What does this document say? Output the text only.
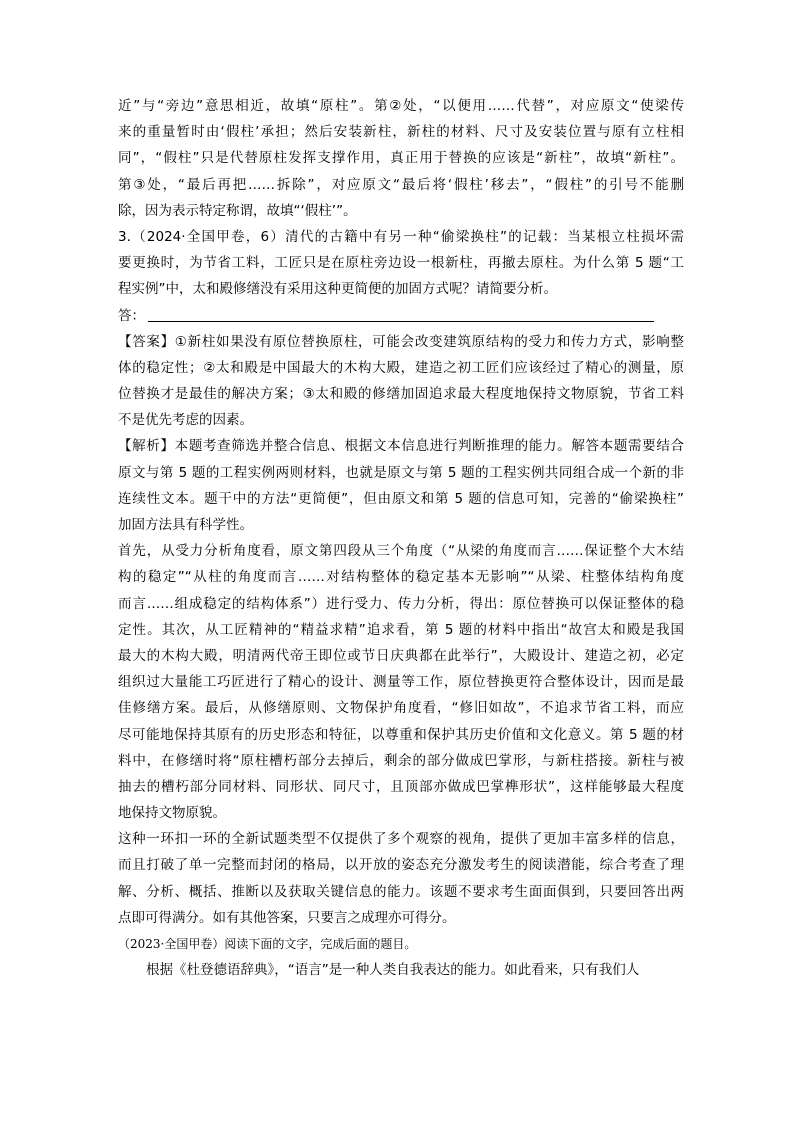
近”与“旁边”意思相近，故填“原柱”。第②处，“以便用……代替”，对应原文“使梁传
来的重量暂时由‘假柱’承担；然后安装新柱，新柱的材料、尺寸及安装位置与原有立柱相
同”，“假柱”只是代替原柱发挥支撑作用，真正用于替换的应该是“新柱”，故填“新柱”。
第③处，“最后再把……拆除”，对应原文“最后将‘假柱’移去”，“假柱”的引号不能删
除，因为表示特定称谓，故填“‘假柱’”。
3.（2024·全国甲卷，6）清代的古籍中有另一种“偷梁换柱”的记载：当某根立柱损坏需
要更换时，为节省工料，工匠只是在原柱旁边设一根新柱，再撤去原柱。为什么第 5 题“工
程实例”中，太和殿修缮没有采用这种更简便的加固方式呢？请简要分析。
答：
【答案】①新柱如果没有原位替换原柱，可能会改变建筑原结构的受力和传力方式，影响整
体的稳定性；②太和殿是中国最大的木构大殿，建造之初工匠们应该经过了精心的测量，原
位替换才是最佳的解决方案；③太和殿的修缮加固追求最大程度地保持文物原貌，节省工料
不是优先考虑的因素。
【解析】本题考查筛选并整合信息、根据文本信息进行判断推理的能力。解答本题需要结合
原文与第 5 题的工程实例两则材料，也就是原文与第 5 题的工程实例共同组合成一个新的非
连续性文本。题干中的方法“更简便”，但由原文和第 5 题的信息可知，完善的“偷梁换柱”
加固方法具有科学性。
首先，从受力分析角度看，原文第四段从三个角度（“从梁的角度而言……保证整个大木结
构的稳定”“从柱的角度而言……对结构整体的稳定基本无影响”“从梁、柱整体结构角度
而言……组成稳定的结构体系”）进行受力、传力分析，得出：原位替换可以保证整体的稳
定性。其次，从工匠精神的“精益求精”追求看，第 5 题的材料中指出“故宫太和殿是我国
最大的木构大殿，明清两代帝王即位或节日庆典都在此举行”，大殿设计、建造之初，必定
组织过大量能工巧匠进行了精心的设计、测量等工作，原位替换更符合整体设计，因而是最
佳修缮方案。最后，从修缮原则、文物保护角度看，“修旧如故”，不追求节省工料，而应
尽可能地保持其原有的历史形态和特征，以尊重和保护其历史价值和文化意义。第 5 题的材
料中，在修缮时将“原柱槽朽部分去掉后，剩余的部分做成巴掌形，与新柱搭接。新柱与被
抽去的槽朽部分同材料、同形状、同尺寸，且顶部亦做成巴掌榫形状”，这样能够最大程度
地保持文物原貌。
这种一环扣一环的全新试题类型不仅提供了多个观察的视角，提供了更加丰富多样的信息，
而且打破了单一完整而封闭的格局，以开放的姿态充分激发考生的阅读潜能，综合考查了理
解、分析、概括、推断以及获取关键信息的能力。该题不要求考生面面俱到，只要回答出两
点即可得满分。如有其他答案，只要言之成理亦可得分。
（2023·全国甲卷）阅读下面的文字，完成后面的题目。
根据《杜登德语辞典》，“语言”是一种人类自我表达的能力。如此看来，只有我们人
